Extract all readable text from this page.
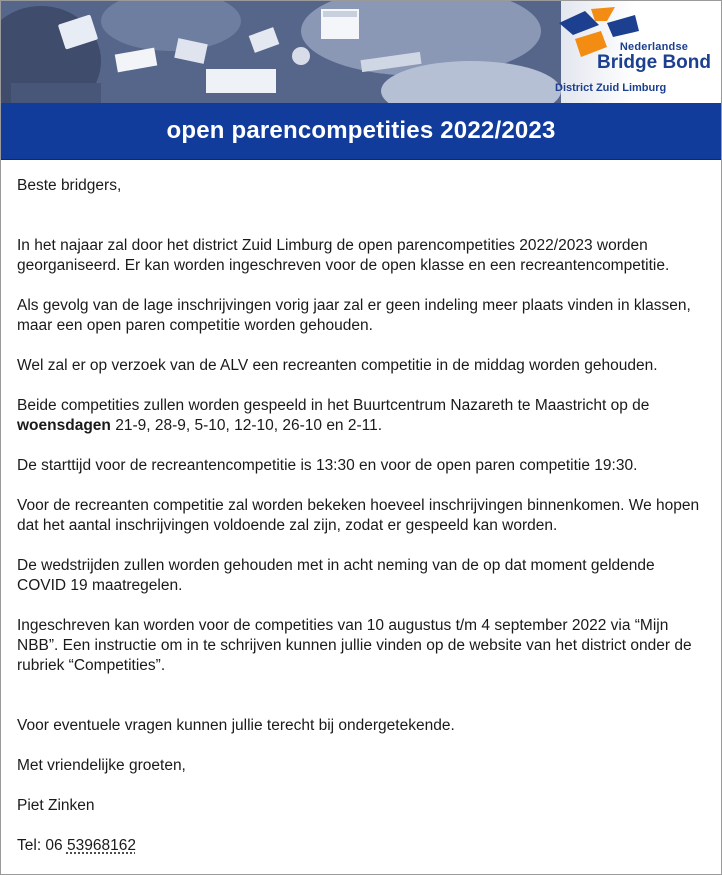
Nederlandse
Bridge Bond
District Zuid Limburg
open parencompetities 2022/2023

Beste bridgers,

In het najaar zal door het district Zuid Limburg de open parencompetities 2022/2023 worden georganiseerd. Er kan worden ingeschreven voor de open klasse en een recreantencompetitie.

Als gevolg van de lage inschrijvingen vorig jaar zal er geen indeling meer plaats vinden in klassen, maar een open paren competitie worden gehouden.

Wel zal er op verzoek van de ALV een recreanten competitie in de middag worden gehouden.

Beide competities zullen worden gespeeld in het Buurtcentrum Nazareth te Maastricht op de woensdagen 21-9, 28-9, 5-10, 12-10, 26-10 en 2-11.

De starttijd voor de recreantencompetitie is 13:30 en voor de open paren competitie 19:30.

Voor de recreanten competitie zal worden bekeken hoeveel inschrijvingen binnenkomen. We hopen dat het aantal inschrijvingen voldoende zal zijn, zodat er gespeeld kan worden.

De wedstrijden zullen worden gehouden met in acht neming van de op dat moment geldende COVID 19 maatregelen.

Ingeschreven kan worden voor de competities van 10 augustus t/m 4 september 2022 via “Mijn NBB”. Een instructie om in te schrijven kunnen jullie vinden op de website van het district onder de rubriek “Competities”.

Voor eventuele vragen kunnen jullie terecht bij ondergetekende.

Met vriendelijke groeten,

Piet Zinken

Tel: 06 53968162
